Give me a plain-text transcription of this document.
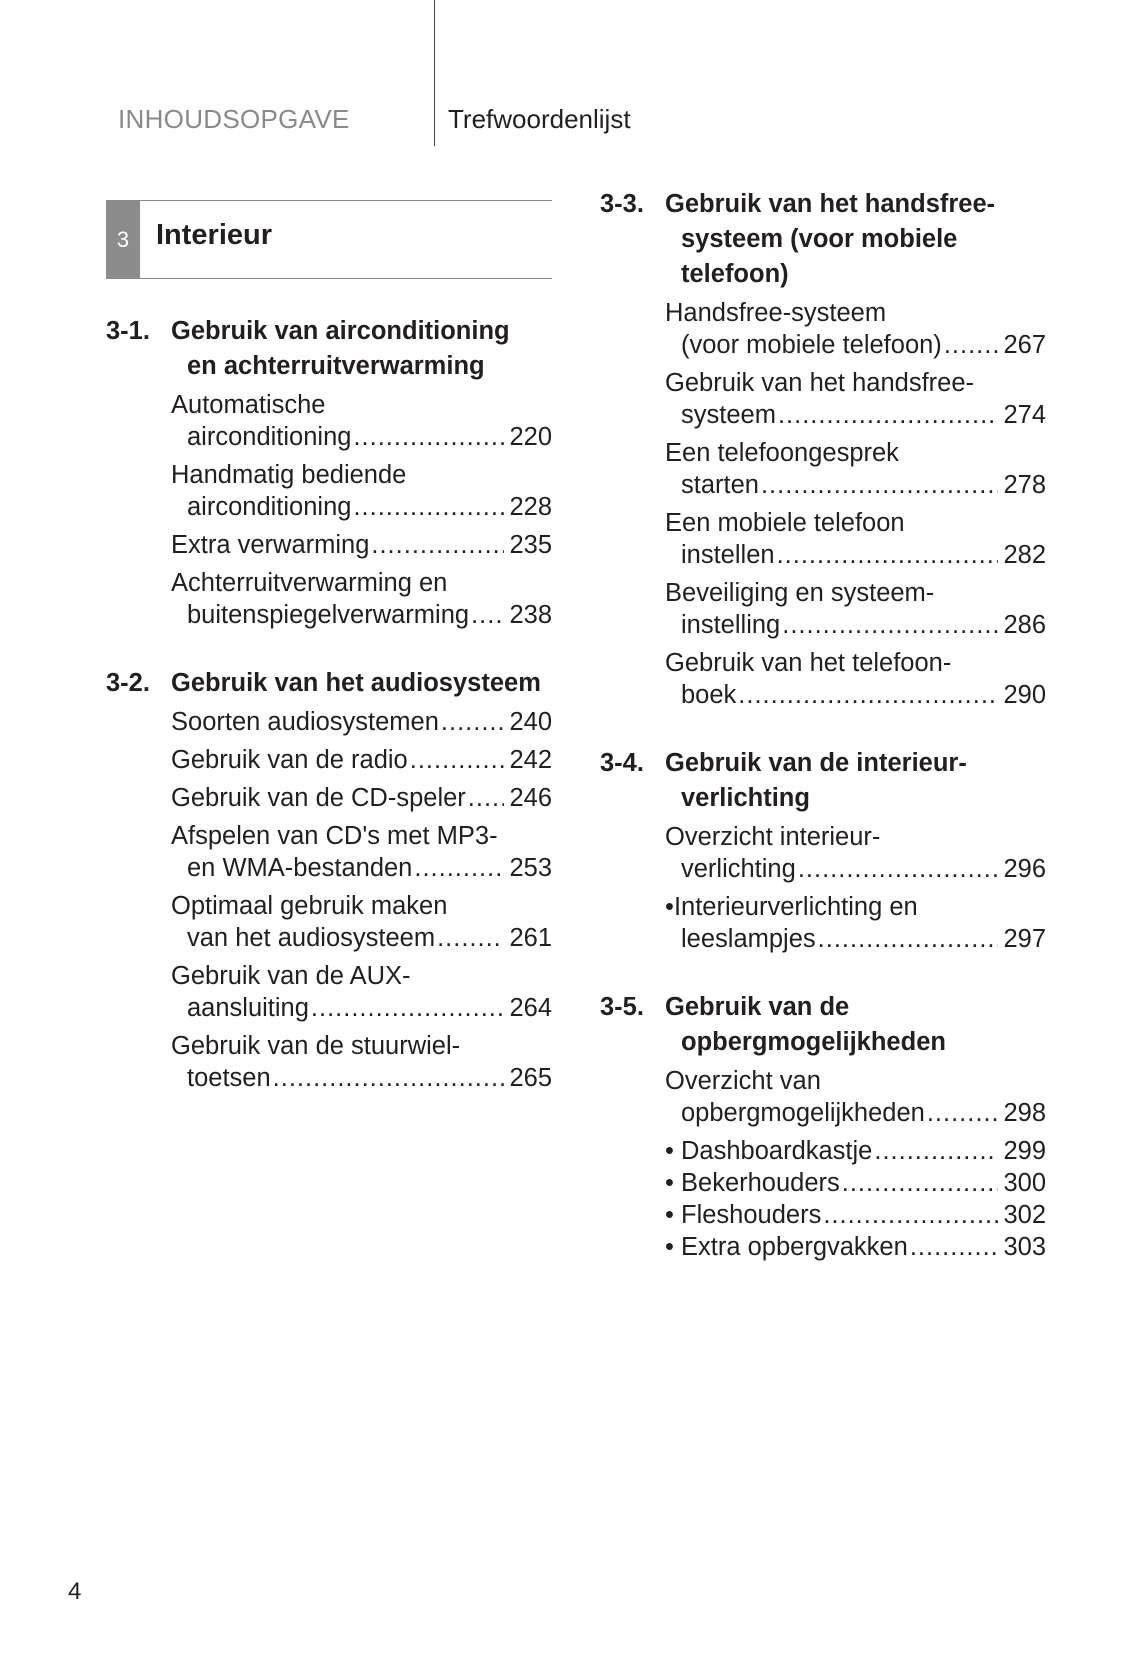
INHOUDSOPGAVE	Trefwoordenlijst
3 Interieur
3-1. Gebruik van airconditioning
en achterruitverwarming
Automatische
airconditioning .....	220
Handmatig bediende
airconditioning .....	228
Extra verwarming .....	235
Achterruitverwarming en
buitenspiegelverwarming ..... 238
3-2. Gebruik van het audiosysteem
Soorten audiosystemen .....	240
Gebruik van de radio .....	242
Gebruik van de CD-speler ..... 246
Afspelen van CD's met MP3-
en WMA-bestanden .....	253
Optimaal gebruik maken
van het audiosysteem .....	261
Gebruik van de AUX-
aansluiting .....	264
Gebruik van de stuurwiel-
toetsen .....	265
3-3. Gebruik van het handsfree-
systeem (voor mobiele
telefoon)
Handsfree-systeem
(voor mobiele telefoon) ..... 267
Gebruik van het handsfree-
systeem .....	274
Een telefoongesprek
starten .....	278
Een mobiele telefoon
instellen .....	282
Beveiliging en systeem-
instelling .....	286
Gebruik van het telefoon-
boek .....	290
3-4. Gebruik van de interieur-
verlichting
Overzicht interieur-
verlichting .....	296
• Interieurverlichting en
leeslampjes .....	297
3-5. Gebruik van de
opbergmogelijkheden
Overzicht van
opbergmogelijkheden .....	298
• Dashboardkastje .....	299
• Bekerhouders .....	300
• Fleshouders .....	302
• Extra opbergvakken .....	303
4
